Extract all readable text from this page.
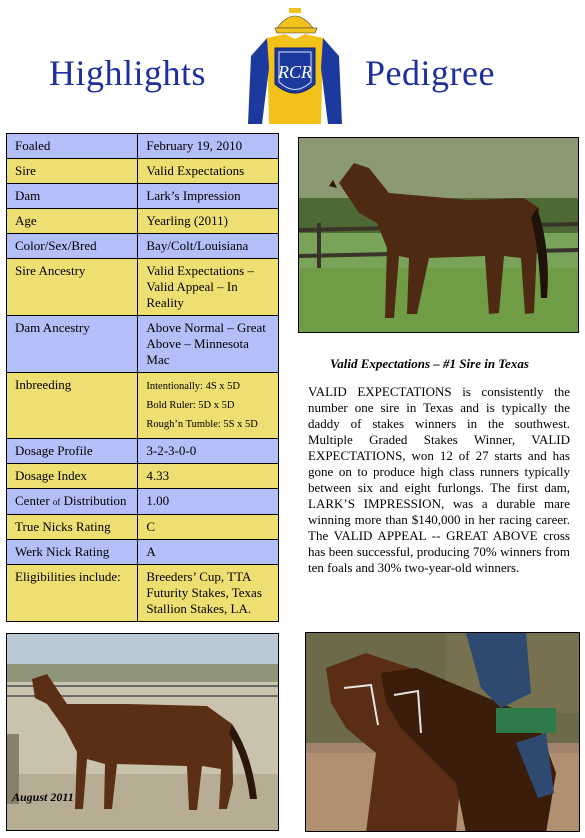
Highlights	Pedigree
RCR
Foaled	February 19, 2010
Sire	Valid Expectations
Dam	Lark’s Impression
Age	Yearling (2011)
Color/Sex/Bred	Bay/Colt/Louisiana
Sire Ancestry	Valid Expectations – Valid Appeal – In Reality
Dam Ancestry	Above Normal – Great Above – Minnesota Mac
Inbreeding	Intentionally: 4S x 5D
Bold Ruler: 5D x 5D
Rough’n Tumble: 5S x 5D

Dosage Profile	3-2-3-0-0
Dosage Index	4.33
Center of Distribution	1.00
True Nicks Rating	C
Werk Nick Rating	A
Eligibilities include:	Breeders’ Cup, TTA Futurity Stakes, Texas Stallion Stakes, LA.
Valid Expectations – #1 Sire in Texas
VALID EXPECTATIONS is consistently the number one sire in Texas and is typically the daddy of stakes winners in the southwest. Multiple Graded Stakes Winner, VALID EXPECTATIONS, won 12 of 27 starts and has gone on to produce high class runners typically between six and eight furlongs. The first dam, LARK’S IMPRESSION, was a durable mare winning more than $140,000 in her racing career. The VALID APPEAL -- GREAT ABOVE cross has been successful, producing 70% winners from ten foals and 30% two-year-old winners.
August 2011
